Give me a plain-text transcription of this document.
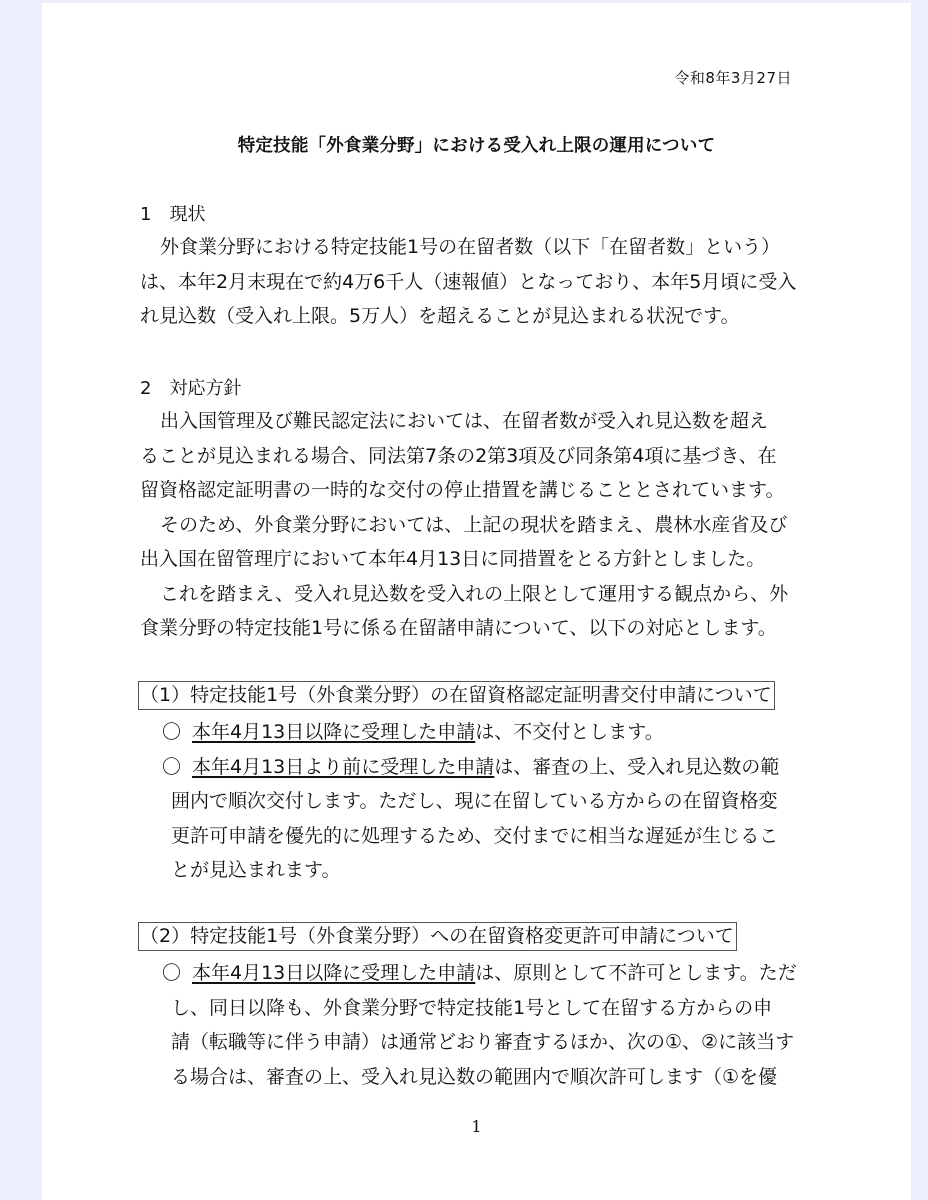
令和8年3月27日
特定技能「外食業分野」における受入れ上限の運用について
1　現状
外食業分野における特定技能1号の在留者数（以下「在留者数」という）
は、本年2月末現在で約4万6千人（速報値）となっており、本年5月頃に受入
れ見込数（受入れ上限。5万人）を超えることが見込まれる状況です。
2　対応方針
出入国管理及び難民認定法においては、在留者数が受入れ見込数を超え
ることが見込まれる場合、同法第7条の2第3項及び同条第4項に基づき、在
留資格認定証明書の一時的な交付の停止措置を講じることとされています。
そのため、外食業分野においては、上記の現状を踏まえ、農林水産省及び
出入国在留管理庁において本年4月13日に同措置をとる方針としました。
これを踏まえ、受入れ見込数を受入れの上限として運用する観点から、外
食業分野の特定技能1号に係る在留諸申請について、以下の対応とします。
（1）特定技能1号（外食業分野）の在留資格認定証明書交付申請について
〇 本年4月13日以降に受理した申請は、不交付とします。
〇 本年4月13日より前に受理した申請は、審査の上、受入れ見込数の範
囲内で順次交付します。ただし、現に在留している方からの在留資格変
更許可申請を優先的に処理するため、交付までに相当な遅延が生じるこ
とが見込まれます。
（2）特定技能1号（外食業分野）への在留資格変更許可申請について
〇 本年4月13日以降に受理した申請は、原則として不許可とします。ただ
し、同日以降も、外食業分野で特定技能1号として在留する方からの申
請（転職等に伴う申請）は通常どおり審査するほか、次の①、②に該当す
る場合は、審査の上、受入れ見込数の範囲内で順次許可します（①を優
1
